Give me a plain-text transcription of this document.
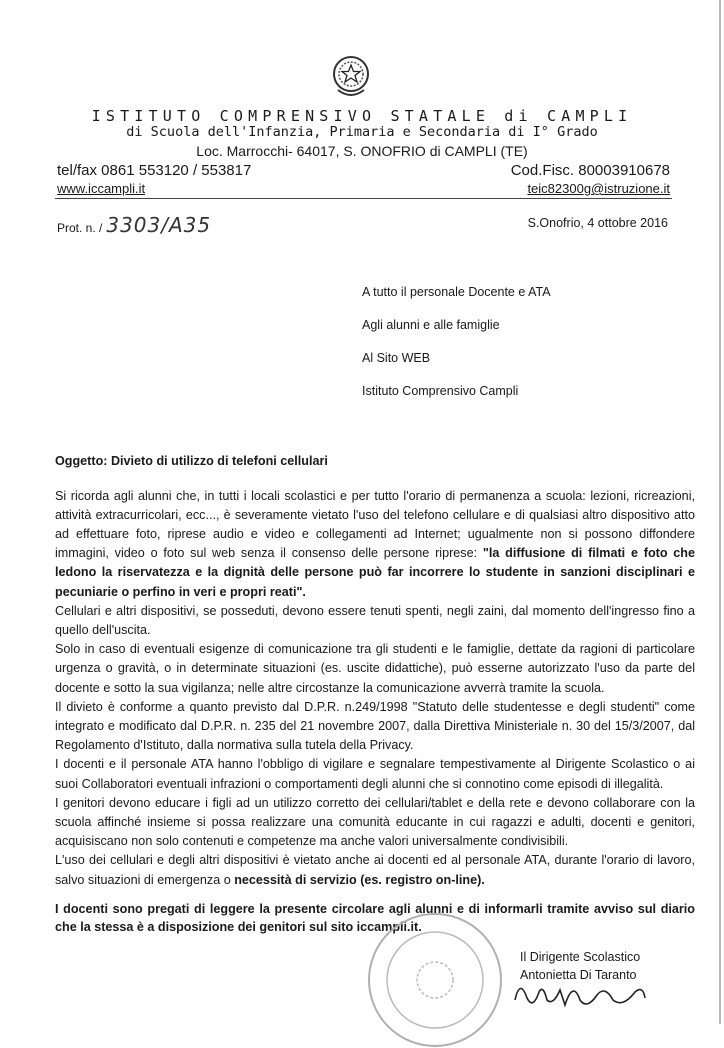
ISTITUTO COMPRENSIVO STATALE di CAMPLI
di Scuola dell'Infanzia, Primaria e Secondaria di I° Grado
Loc. Marrocchi- 64017, S. ONOFRIO di CAMPLI (TE)
tel/fax 0861 553120 / 553817	Cod.Fisc. 80003910678
www.iccampli.it	teic82300g@istruzione.it
Prot. n. / 3303/A35	S.Onofrio, 4 ottobre 2016
A tutto il personale Docente e ATA
Agli alunni e alle famiglie
Al Sito WEB
Istituto Comprensivo Campli
Oggetto: Divieto di utilizzo di telefoni cellulari

Si ricorda agli alunni che, in tutti i locali scolastici e per tutto l'orario di permanenza a scuola: lezioni, ricreazioni, attività extracurricolari, ecc..., è severamente vietato l'uso del telefono cellulare e di qualsiasi altro dispositivo atto ad effettuare foto, riprese audio e video e collegamenti ad Internet; ugualmente non si possono diffondere immagini, video o foto sul web senza il consenso delle persone riprese: "la diffusione di filmati e foto che ledono la riservatezza e la dignità delle persone può far incorrere lo studente in sanzioni disciplinari e pecuniarie o perfino in veri e propri reati".

Cellulari e altri dispositivi, se posseduti, devono essere tenuti spenti, negli zaini, dal momento dell'ingresso fino a quello dell'uscita.

Solo in caso di eventuali esigenze di comunicazione tra gli studenti e le famiglie, dettate da ragioni di particolare urgenza o gravità, o in determinate situazioni (es. uscite didattiche), può esserne autorizzato l'uso da parte del docente e sotto la sua vigilanza; nelle altre circostanze la comunicazione avverrà tramite la scuola.

Il divieto è conforme a quanto previsto dal D.P.R. n.249/1998 "Statuto delle studentesse e degli studenti" come integrato e modificato dal D.P.R. n. 235 del 21 novembre 2007, dalla Direttiva Ministeriale n. 30 del 15/3/2007, dal Regolamento d'Istituto, dalla normativa sulla tutela della Privacy.

I docenti e il personale ATA hanno l'obbligo di vigilare e segnalare tempestivamente al Dirigente Scolastico o ai suoi Collaboratori eventuali infrazioni o comportamenti degli alunni che si connotino come episodi di illegalità.

I genitori devono educare i figli ad un utilizzo corretto dei cellulari/tablet e della rete e devono collaborare con la scuola affinché insieme si possa realizzare una comunità educante in cui ragazzi e adulti, docenti e genitori, acquisiscano non solo contenuti e competenze ma anche valori universalmente condivisibili.

L'uso dei cellulari e degli altri dispositivi è vietato anche ai docenti ed al personale ATA, durante l'orario di lavoro, salvo situazioni di emergenza o necessità di servizio (es. registro on-line).

I docenti sono pregati di leggere la presente circolare agli alunni e di informarli tramite avviso sul diario che la stessa è a disposizione dei genitori sul sito iccampli.it.
Il Dirigente Scolastico
Antonietta Di Taranto
